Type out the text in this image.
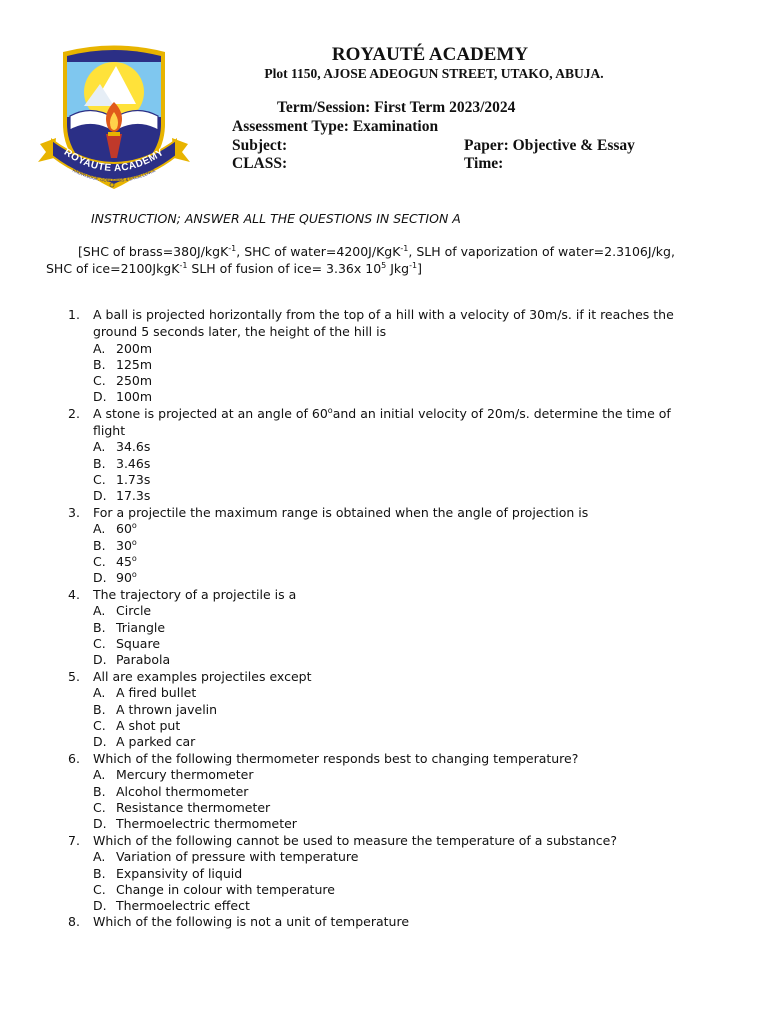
ROYAUTE ACADEMY
KNOWLEDGE, GODLINESS & EXCELLENCE
ROYAUTÉ ACADEMY
Plot 1150, AJOSE ADEOGUN STREET, UTAKO, ABUJA.
Term/Session: First Term 2023/2024
Assessment Type: Examination
Subject:	Paper: Objective & Essay
CLASS:	Time:
INSTRUCTION; ANSWER ALL THE QUESTIONS IN SECTION A
[SHC of brass=380J/kgK$^{-1}$, SHC of water=4200J/KgK$^{-1}$, SLH of vaporization of water=2.3106J/kg, SHC of ice=2100JkgK$^{-1}$ SLH of fusion of ice= 3.36x $10^5$ Jkg$^{-1}$]
1. A ball is projected horizontally from the top of a hill with a velocity of 30m/s. if it reaches the ground 5 seconds later, the height of the hill is
A. 200m
B. 125m
C. 250m
D. 100m
2. A stone is projected at an angle of 60$^o$and an initial velocity of 20m/s. determine the time of flight
A. 34.6s
B. 3.46s
C. 1.73s
D. 17.3s
3. For a projectile the maximum range is obtained when the angle of projection is
A. 60$^o$
B. 30$^o$
C. 45$^o$
D. 90$^o$
4. The trajectory of a projectile is a
A. Circle
B. Triangle
C. Square
D. Parabola
5. All are examples projectiles except
A. A fired bullet
B. A thrown javelin
C. A shot put
D. A parked car
6. Which of the following thermometer responds best to changing temperature?
A. Mercury thermometer
B. Alcohol thermometer
C. Resistance thermometer
D. Thermoelectric thermometer
7. Which of the following cannot be used to measure the temperature of a substance?
A. Variation of pressure with temperature
B. Expansivity of liquid
C. Change in colour with temperature
D. Thermoelectric effect
8. Which of the following is not a unit of temperature
